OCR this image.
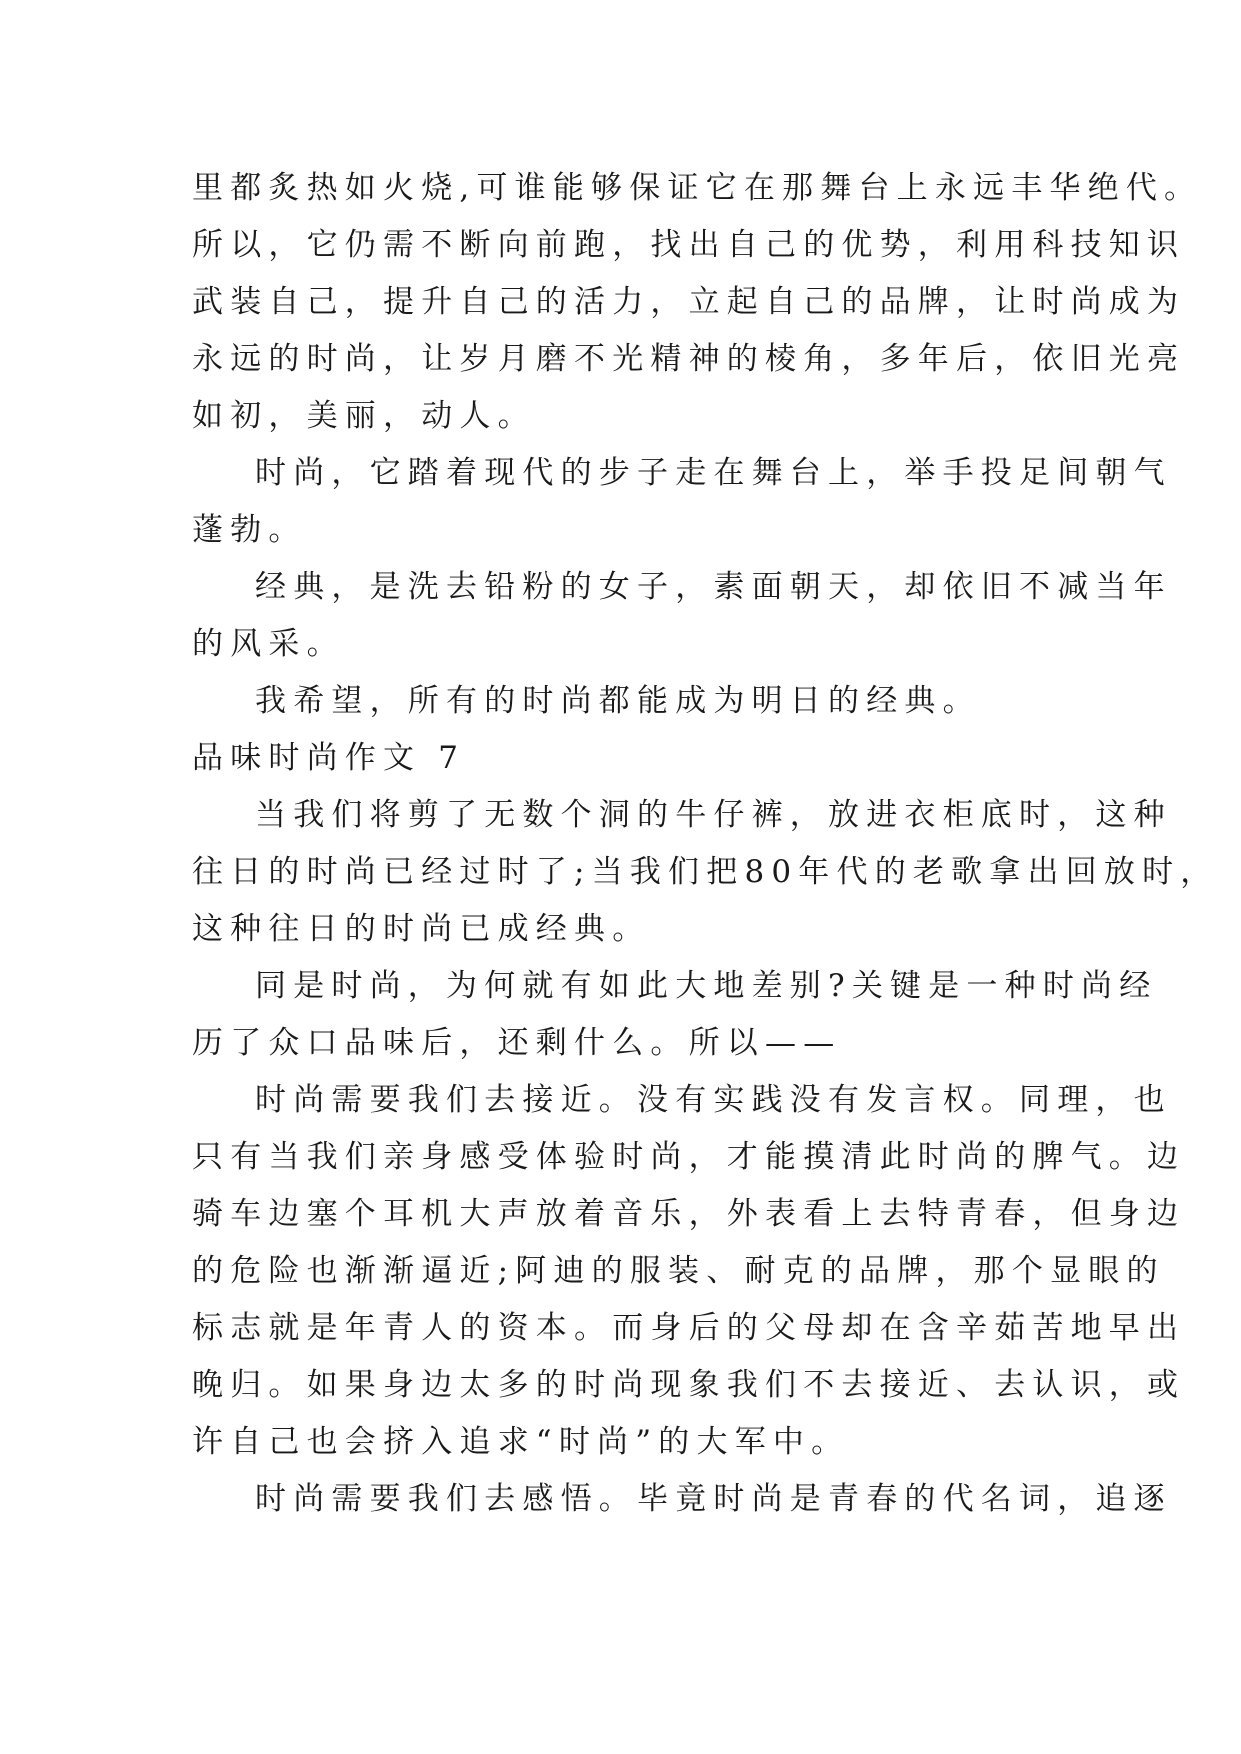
里都炙热如火烧,可谁能够保证它在那舞台上永远丰华绝代。
所以，它仍需不断向前跑，找出自己的优势，利用科技知识
武装自己，提升自己的活力，立起自己的品牌，让时尚成为
永远的时尚，让岁月磨不光精神的棱角，多年后，依旧光亮
如初，美丽，动人。
时尚，它踏着现代的步子走在舞台上，举手投足间朝气
蓬勃。
经典，是洗去铅粉的女子，素面朝天，却依旧不减当年
的风采。
我希望，所有的时尚都能成为明日的经典。
品味时尚作文 7
当我们将剪了无数个洞的牛仔裤，放进衣柜底时，这种
往日的时尚已经过时了;当我们把80年代的老歌拿出回放时，
这种往日的时尚已成经典。
同是时尚，为何就有如此大地差别?关键是一种时尚经
历了众口品味后，还剩什么。所以——
时尚需要我们去接近。没有实践没有发言权。同理，也
只有当我们亲身感受体验时尚，才能摸清此时尚的脾气。边
骑车边塞个耳机大声放着音乐，外表看上去特青春，但身边
的危险也渐渐逼近;阿迪的服装、耐克的品牌，那个显眼的
标志就是年青人的资本。而身后的父母却在含辛茹苦地早出
晚归。如果身边太多的时尚现象我们不去接近、去认识，或
许自己也会挤入追求“时尚”的大军中。
时尚需要我们去感悟。毕竟时尚是青春的代名词，追逐
